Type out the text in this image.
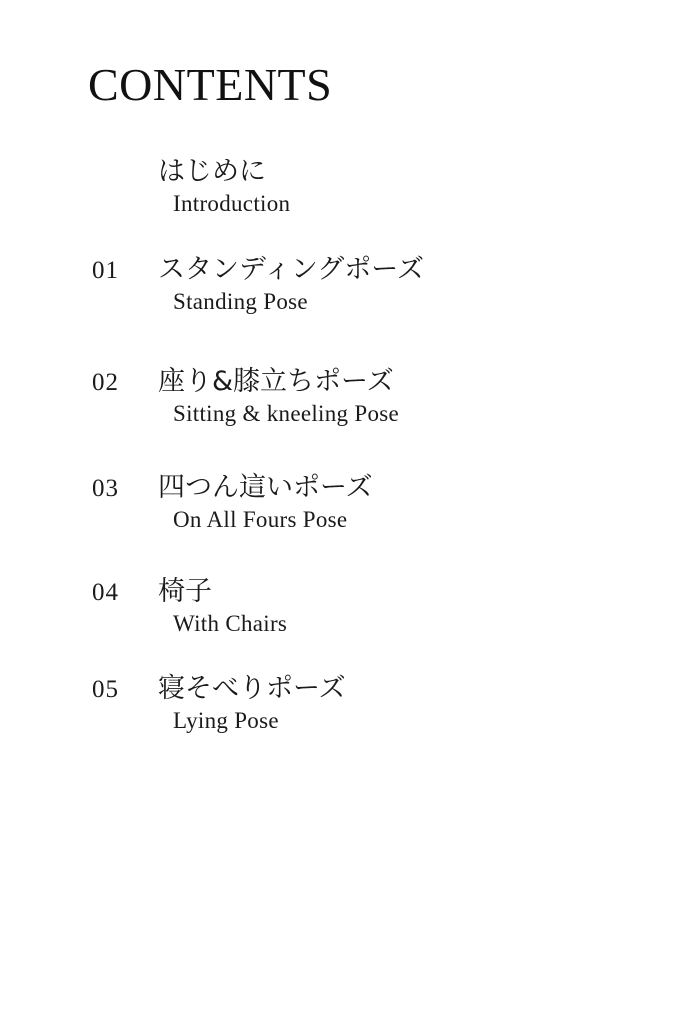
CONTENTS
はじめに
Introduction
01 スタンディングポーズ
Standing Pose
02 座り&膝立ちポーズ
Sitting & kneeling Pose
03 四つん這いポーズ
On All Fours Pose
04 椅子
With Chairs
05 寝そべりポーズ
Lying Pose
